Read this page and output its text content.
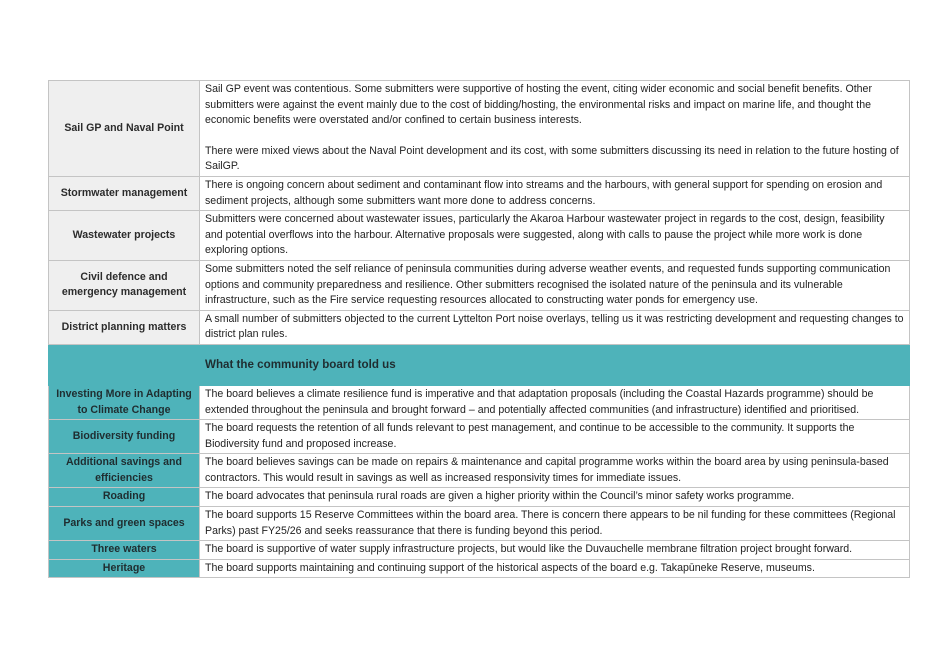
Sail GP and Naval Point	Sail GP event was contentious. Some submitters were supportive of hosting the event, citing wider economic and social benefit benefits. Other submitters were against the event mainly due to the cost of bidding/hosting, the environmental risks and impact on marine life, and thought the economic benefits were overstated and/or confined to certain business interests.

There were mixed views about the Naval Point development and its cost, with some submitters discussing its need in relation to the future hosting of SailGP.

Stormwater management	There is ongoing concern about sediment and contaminant flow into streams and the harbours, with general support for spending on erosion and sediment projects, although some submitters want more done to address concerns.
Wastewater projects	Submitters were concerned about wastewater issues, particularly the Akaroa Harbour wastewater project in regards to the cost, design, feasibility and potential overflows into the harbour. Alternative proposals were suggested, along with calls to pause the project while more work is done exploring options.
Civil defence and emergency management	Some submitters noted the self reliance of peninsula communities during adverse weather events, and requested funds supporting communication options and community preparedness and resilience. Other submitters recognised the isolated nature of the peninsula and its vulnerable infrastructure, such as the Fire service requesting resources allocated to constructing water ponds for emergency use.
District planning matters	A small number of submitters objected to the current Lyttelton Port noise overlays, telling us it was restricting development and requesting changes to district plan rules.
	What the community board told us
Investing More in Adapting to Climate Change	The board believes a climate resilience fund is imperative and that adaptation proposals (including the Coastal Hazards programme) should be extended throughout the peninsula and brought forward – and potentially affected communities (and infrastructure) identified and prioritised.
Biodiversity funding	The board requests the retention of all funds relevant to pest management, and continue to be accessible to the community. It supports the Biodiversity fund and proposed increase.
Additional savings and efficiencies	The board believes savings can be made on repairs & maintenance and capital programme works within the board area by using peninsula-based contractors. This would result in savings as well as increased responsivity times for immediate issues.
Roading	The board advocates that peninsula rural roads are given a higher priority within the Council’s minor safety works programme.
Parks and green spaces	The board supports 15 Reserve Committees within the board area. There is concern there appears to be nil funding for these committees (Regional Parks) past FY25/26 and seeks reassurance that there is funding beyond this period.
Three waters	The board is supportive of water supply infrastructure projects, but would like the Duvauchelle membrane filtration project brought forward.
Heritage	The board supports maintaining and continuing support of the historical aspects of the board e.g. Takapūneke Reserve, museums.
